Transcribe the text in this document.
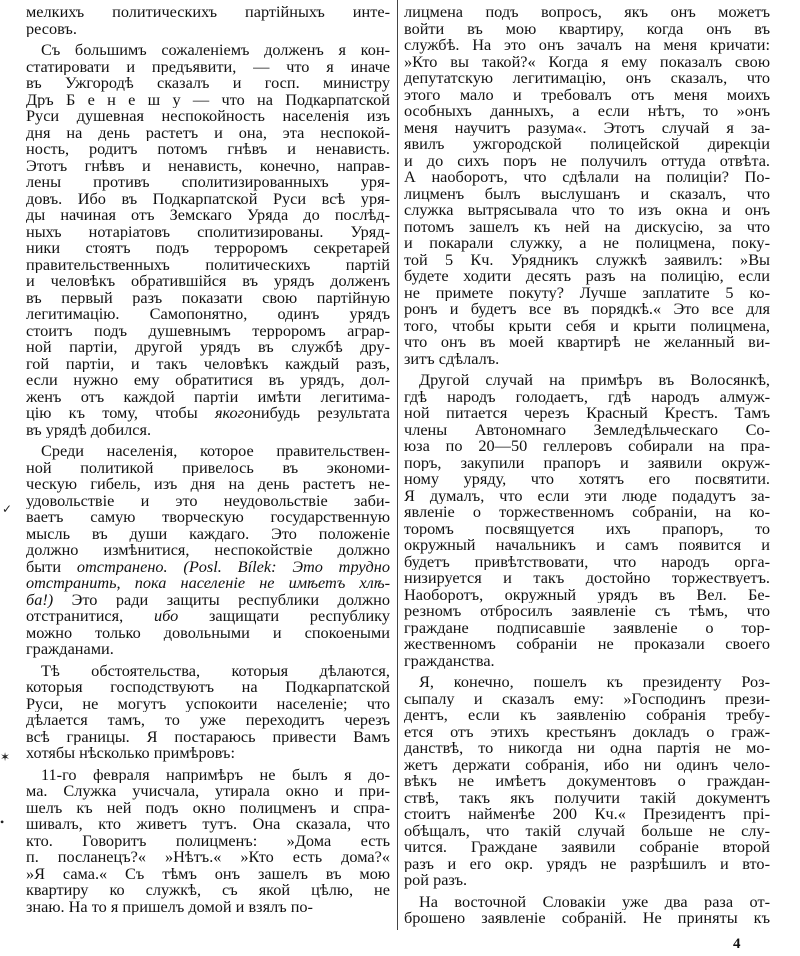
мелкихъ политическихъ партiйныхъ инте-
ресовъ.
Съ большимъ сожаленiемъ долженъ я кон-
статировати и предъявити, — что я иначе
въ Ужгородѣ сказалъ и госп. министру
Дръ Б е н е ш у — что на Подкарпатской
Руси душевная неспокойность населенiя изъ
дня на день растетъ и она, эта неспокой-
ность, родитъ потомъ гнѣвъ и ненависть.
Этотъ гнѣвъ и ненависть, конечно, направ-
лены противъ сполитизированныхъ уря-
довъ. Ибо въ Подкарпатской Руси всѣ уря-
ды начиная отъ Земскаго Уряда до послѣд-
ныхъ нотарiатовъ сполитизированы. Уряд-
ники стоятъ подъ терроромъ секретарей
правительственныхъ политическихъ партiй
и человѣкъ обратившiйся въ урядъ долженъ
въ первый разъ показати свою партiйную
легитимацiю. Самопонятно, одинъ урядъ
стоитъ подъ душевнымъ терроромъ аграр-
ной партiи, другой урядъ въ службѣ дру-
гой партiи, и такъ человѣкъ каждый разъ,
если нужно ему обратитися въ урядъ, дол-
женъ отъ каждой партiи имѣти легитима-
цiю къ тому, чтобы якогонибудь результата
въ урядѣ добился.
Среди населенiя, которое правительствен-
ной политикой привелось въ экономи-
ческую гибель, изъ дня на день растетъ не-
удовольствiе и это неудовольствiе заби-
ваетъ самую творческую государственную
мысль въ души каждаго. Это положенiе
должно измѣнитися, неспокойствiе должно
быти отстранено. (Posl. Bílek: Это трудно
отстранить, пока населенiе не имѣетъ хлѣ-
ба!) Это ради защиты республики должно
отстранитися, ибо защищати республику
можно только довольными и спокоеными
гражданами.
Тѣ обстоятельства, которыя дѣлаются,
которыя господствуютъ на Подкарпатской
Руси, не могутъ успокоити населенiе; что
дѣлается тамъ, то уже переходитъ черезъ
всѣ границы. Я постараюсь привести Вамъ
хотябы нѣсколько примѣровъ:
11-го февраля напримѣръ не былъ я до-
ма. Служка учисчала, утирала окно и при-
шелъ къ ней подъ окно полицменъ и спра-
шивалъ, кто живетъ тутъ. Она сказала, что
кто. Говоритъ полицменъ: »Дома есть
п. посланецъ?« »Нѣтъ.« »Кто есть дома?«
»Я сама.« Съ тѣмъ онъ зашелъ въ мою
квартиру ко служкѣ, съ якой цѣлю, не
знаю. На то я пришелъ домой и взялъ по-
лицмена подъ вопросъ, якъ онъ можетъ
войти въ мою квартиру, когда онъ въ
службѣ. На это онъ зачалъ на меня кричати:
»Кто вы такой?« Когда я ему показалъ свою
депутатскую легитимацiю, онъ сказалъ, что
этого мало и требовалъ отъ меня моихъ
особныхъ данныхъ, а если нѣтъ, то »онъ
меня научитъ разума«. Этотъ случай я за-
явилъ ужгородской полицейской дирекцiи
и до сихъ поръ не получилъ оттуда отвѣта.
А наоборотъ, что сдѣлали на полицiи? По-
лицменъ былъ выслушанъ и сказалъ, что
служка вытрясывала что то изъ окна и онъ
потомъ зашелъ къ ней на дискусiю, за что
и покарали служку, а не полицмена, поку-
той 5 Кч. Урядникъ служкѣ заявилъ: »Вы
будете ходити десять разъ на полицiю, если
не примете покуту? Лучше заплатите 5 ко-
ронъ и будетъ все въ порядкѣ.« Это все для
того, чтобы крыти себя и крыти полицмена,
что онъ въ моей квартирѣ не желанный ви-
зитъ сдѣлалъ.
Другой случай на примѣръ въ Волосянкѣ,
гдѣ народъ голодаетъ, гдѣ народъ алмуж-
ной питается черезъ Красный Крестъ. Тамъ
члены Автономнаго Земледѣльческаго Со-
юза по 20—50 геллеровъ собирали на пра-
поръ, закупили прапоръ и заявили окруж-
ному уряду, что хотятъ его посвятити.
Я думалъ, что если эти люде подадутъ за-
явленiе о торжественномъ собранiи, на ко-
торомъ посвящуется ихъ прапоръ, то
окружный начальникъ и самъ появится и
будетъ привѣтствовати, что народъ орга-
низируется и такъ достойно торжествуетъ.
Наоборотъ, окружный урядъ въ Вел. Бе-
резномъ отбросилъ заявленiе съ тѣмъ, что
граждане подписавшiе заявленiе о тор-
жественномъ собранiи не проказали своего
гражданства.
Я, конечно, пошелъ къ президенту Роз-
сыпалу и сказалъ ему: »Господинъ прези-
дентъ, если къ заявленiю собранiя требу-
ется отъ этихъ крестьянъ докладъ о граж-
данствѣ, то никогда ни одна партiя не мо-
жетъ держати собранiя, ибо ни одинъ чело-
вѣкъ не имѣетъ документовъ о граждан-
ствѣ, такъ якъ получити такiй документъ
стоитъ найменѣе 200 Кч.« Президентъ прi-
обѣщалъ, что такiй случай больше не слу-
чится. Граждане заявили собранiе второй
разъ и его окр. урядъ не разрѣшилъ и вто-
рой разъ.
На восточной Словакiи уже два раза от-
брошено заявленiе собранiй. Не приняты къ
4
✓
✶
•
